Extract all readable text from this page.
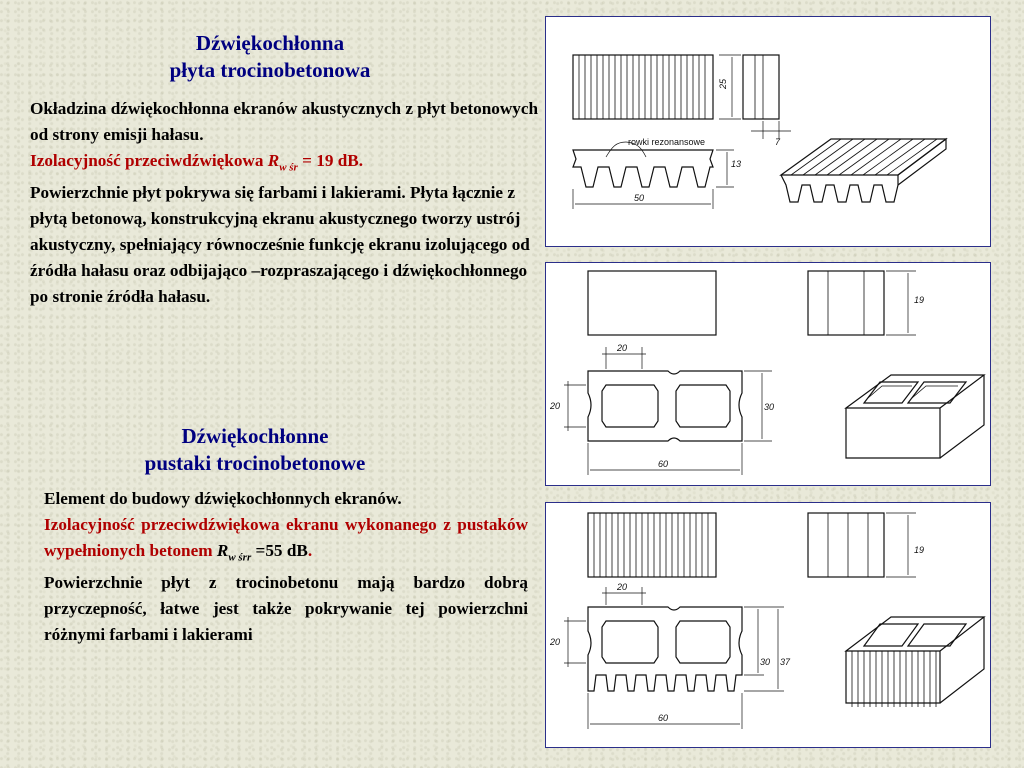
Dźwiękochłonna
płyta trocinobetonowa
Okładzina dźwiękochłonna ekranów akustycznych z płyt betonowych od strony emisji hałasu.
Izolacyjność przeciwdźwiękowa $R_{w śr} = 19$ dB.
Powierzchnie płyt pokrywa się farbami i lakierami. Płyta łącznie z płytą betonową, konstrukcyjną ekranu akustycznego tworzy ustrój akustyczny, spełniający równocześnie funkcję ekranu izolującego od źródła hałasu oraz odbijająco –rozpraszającego i dźwiękochłonnego po stronie źródła hałasu.
Dźwiękochłonne
pustaki trocinobetonowe
Element do budowy dźwiękochłonnych ekranów.
Izolacyjność przeciwdźwiękowa ekranu wykonanego z pustaków wypełnionych betonem $R_{w śrr} =55$ dB.
Powierzchnie płyt z trocinobetonu mają bardzo dobrą przyczepność, łatwe jest także pokrywanie tej powierzchni różnymi farbami i lakierami
25
7
rowki rezonansowe
13
50
19
20
20	30
60
19
20
20
30 37
60
